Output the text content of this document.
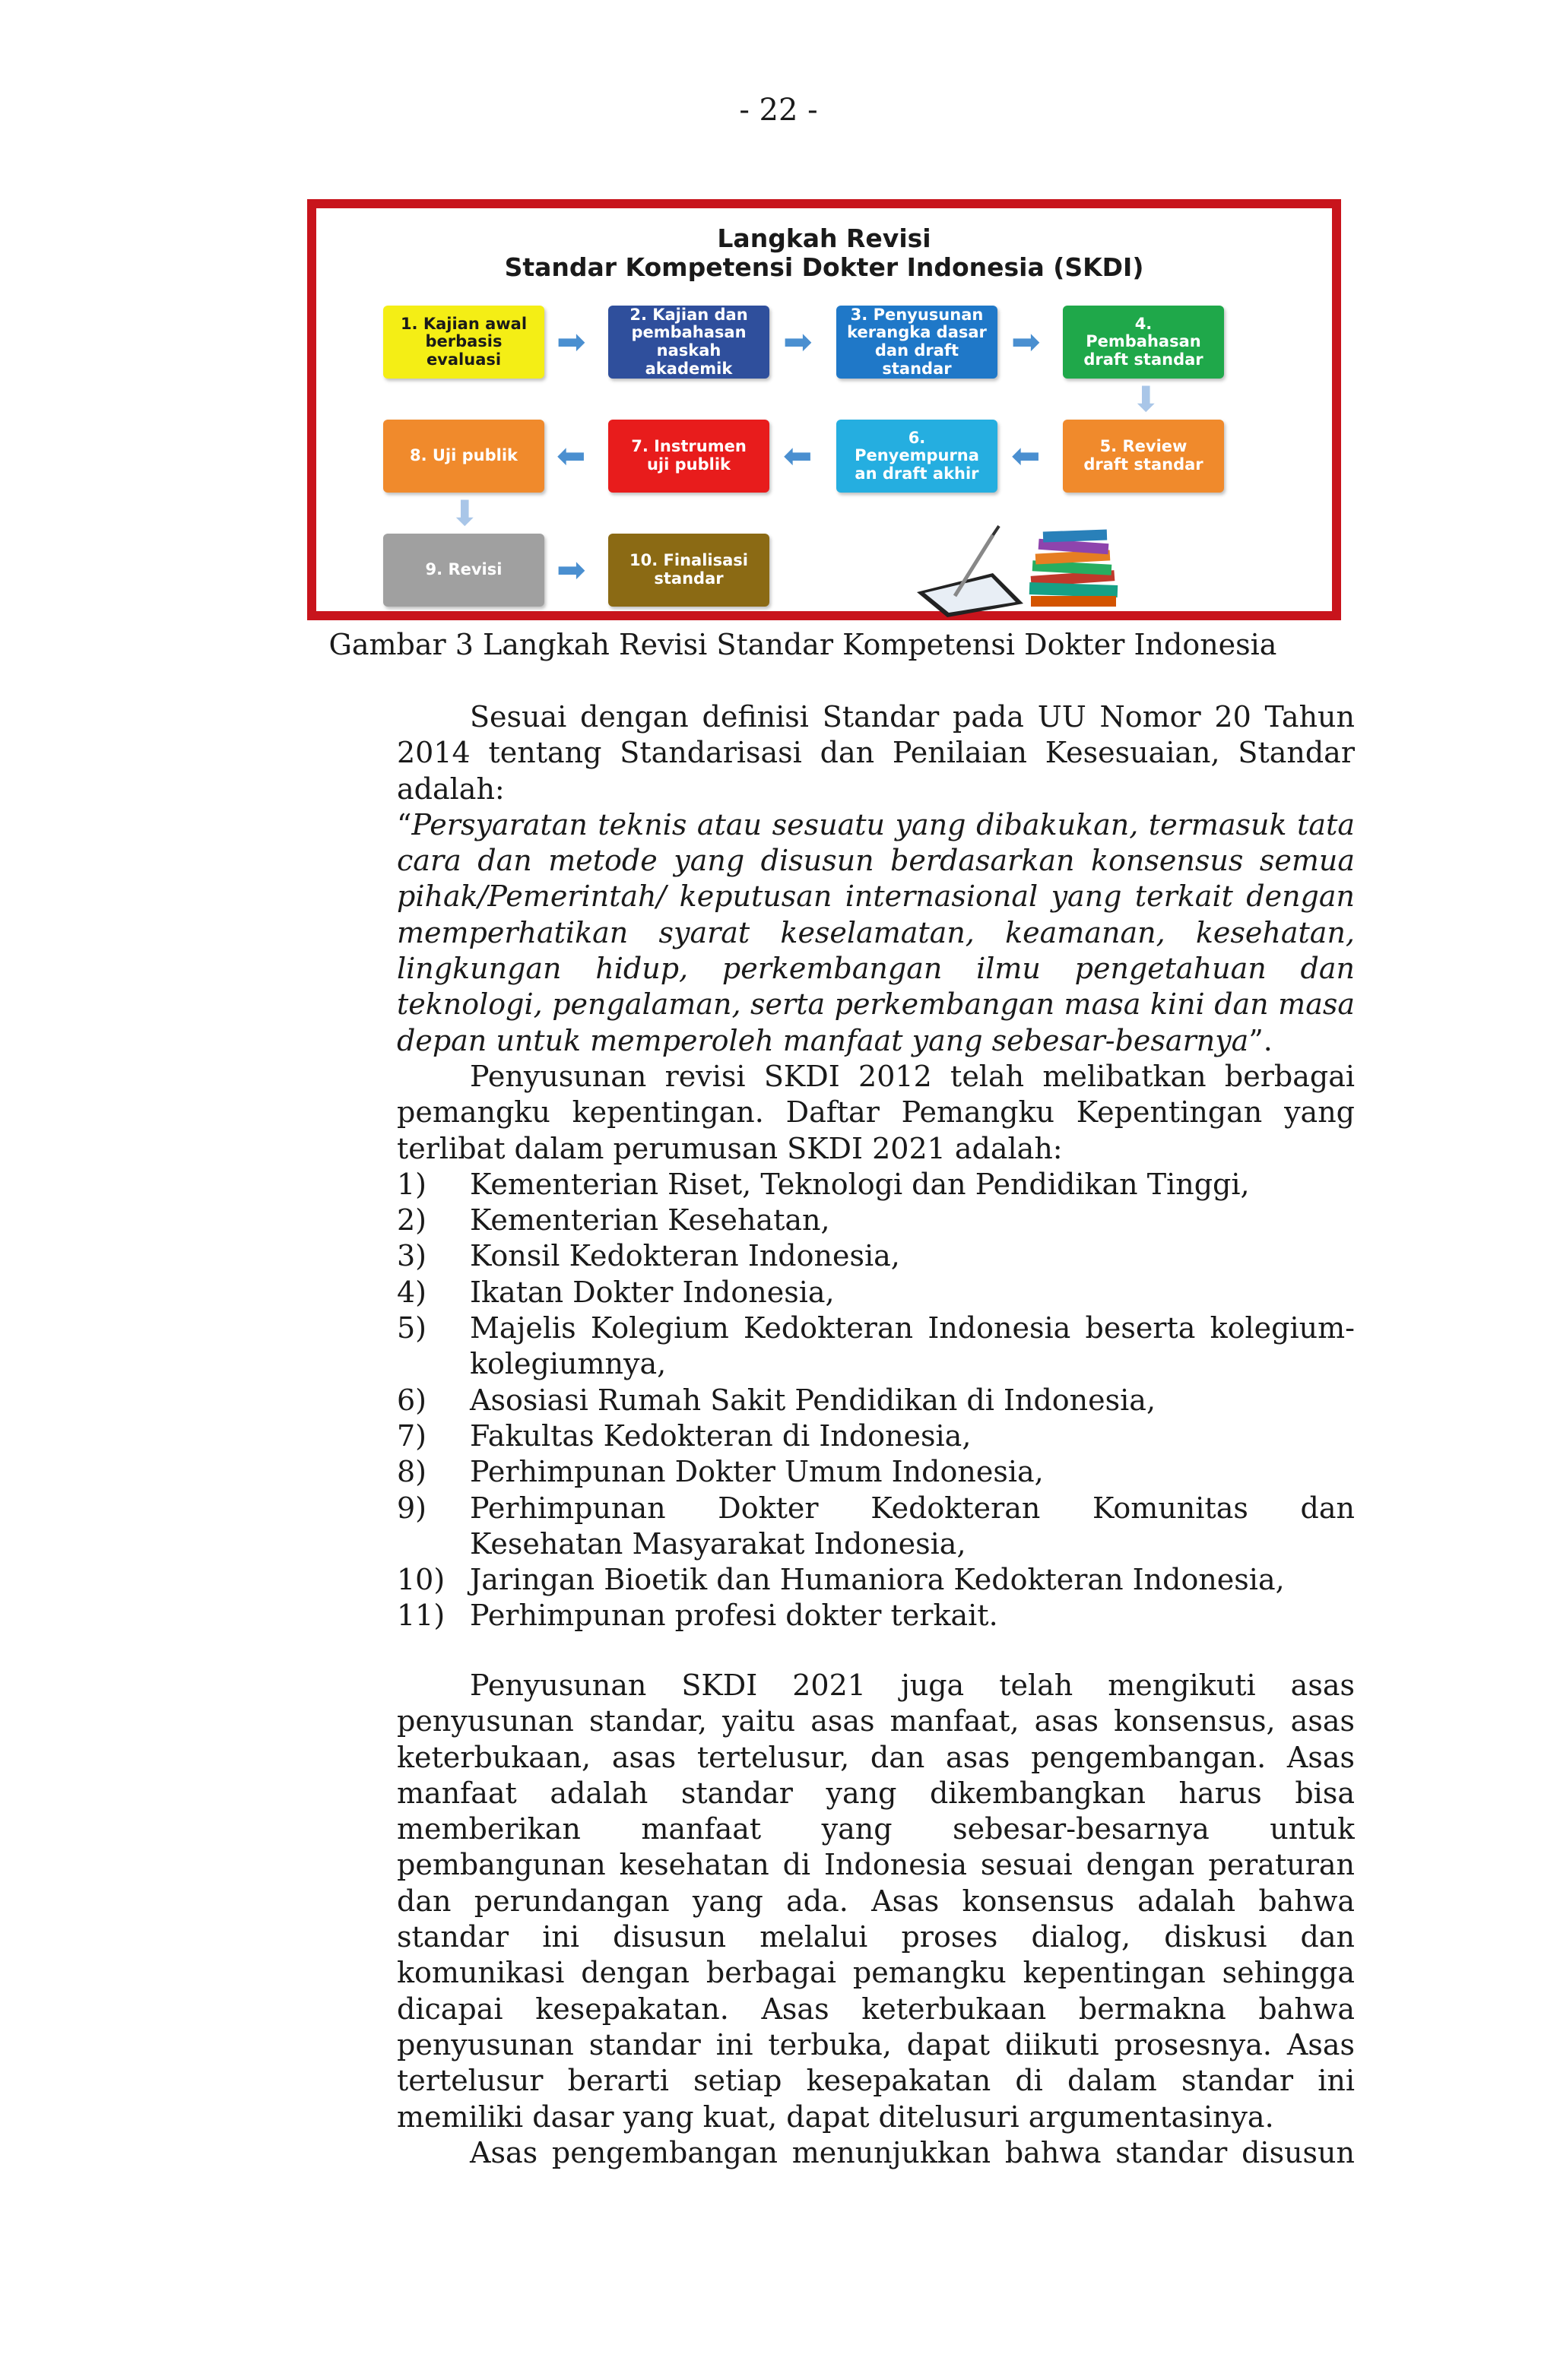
- 22 -
Langkah Revisi
Standar Kompetensi Dokter Indonesia (SKDI)
1. Kajian awal
berbasis
evaluasi	➡
2. Kajian dan
pembahasan
naskah
akademik
➡
3. Penyusunan
kerangka dasar
dan draft
standar
➡	4.
Pembahasan
draft standar
⬇
5. Review
draft standar
⬅
6.
Penyempurna
an draft akhir
⬅
7. Instrumen
uji publik
⬅
8. Uji publik
⬇
9. Revisi	➡	10. Finalisasi
standar
Gambar 3 Langkah Revisi Standar Kompetensi Dokter Indonesia
Sesuai dengan definisi Standar pada UU Nomor 20 Tahun
2014 tentang Standarisasi dan Penilaian Kesesuaian, Standar
adalah:
“Persyaratan teknis atau sesuatu yang dibakukan, termasuk tata
cara dan metode yang disusun berdasarkan konsensus semua
pihak/Pemerintah/ keputusan internasional yang terkait dengan
memperhatikan syarat keselamatan, keamanan, kesehatan,
lingkungan hidup, perkembangan ilmu pengetahuan dan
teknologi, pengalaman, serta perkembangan masa kini dan masa
depan untuk memperoleh manfaat yang sebesar-besarnya”.
Penyusunan revisi SKDI 2012 telah melibatkan berbagai
pemangku kepentingan. Daftar Pemangku Kepentingan yang
terlibat dalam perumusan SKDI 2021 adalah:
1)	Kementerian Riset, Teknologi dan Pendidikan Tinggi,
2)	Kementerian Kesehatan,
3)	Konsil Kedokteran Indonesia,
4)	Ikatan Dokter Indonesia,
5)	Majelis Kolegium Kedokteran Indonesia beserta kolegium-
kolegiumnya,
6)	Asosiasi Rumah Sakit Pendidikan di Indonesia,
7)	Fakultas Kedokteran di Indonesia,
8)	Perhimpunan Dokter Umum Indonesia,
9)	Perhimpunan Dokter Kedokteran Komunitas dan
Kesehatan Masyarakat Indonesia,
10) Jaringan Bioetik dan Humaniora Kedokteran Indonesia,
11) Perhimpunan profesi dokter terkait.
Penyusunan SKDI 2021 juga telah mengikuti asas
penyusunan standar, yaitu asas manfaat, asas konsensus, asas
keterbukaan, asas tertelusur, dan asas pengembangan. Asas
manfaat adalah standar yang dikembangkan harus bisa
memberikan manfaat yang sebesar-besarnya untuk
pembangunan kesehatan di Indonesia sesuai dengan peraturan
dan perundangan yang ada. Asas konsensus adalah bahwa
standar ini disusun melalui proses dialog, diskusi dan
komunikasi dengan berbagai pemangku kepentingan sehingga
dicapai kesepakatan. Asas keterbukaan bermakna bahwa
penyusunan standar ini terbuka, dapat diikuti prosesnya. Asas
tertelusur berarti setiap kesepakatan di dalam standar ini
memiliki dasar yang kuat, dapat ditelusuri argumentasinya.
Asas pengembangan menunjukkan bahwa standar disusun
